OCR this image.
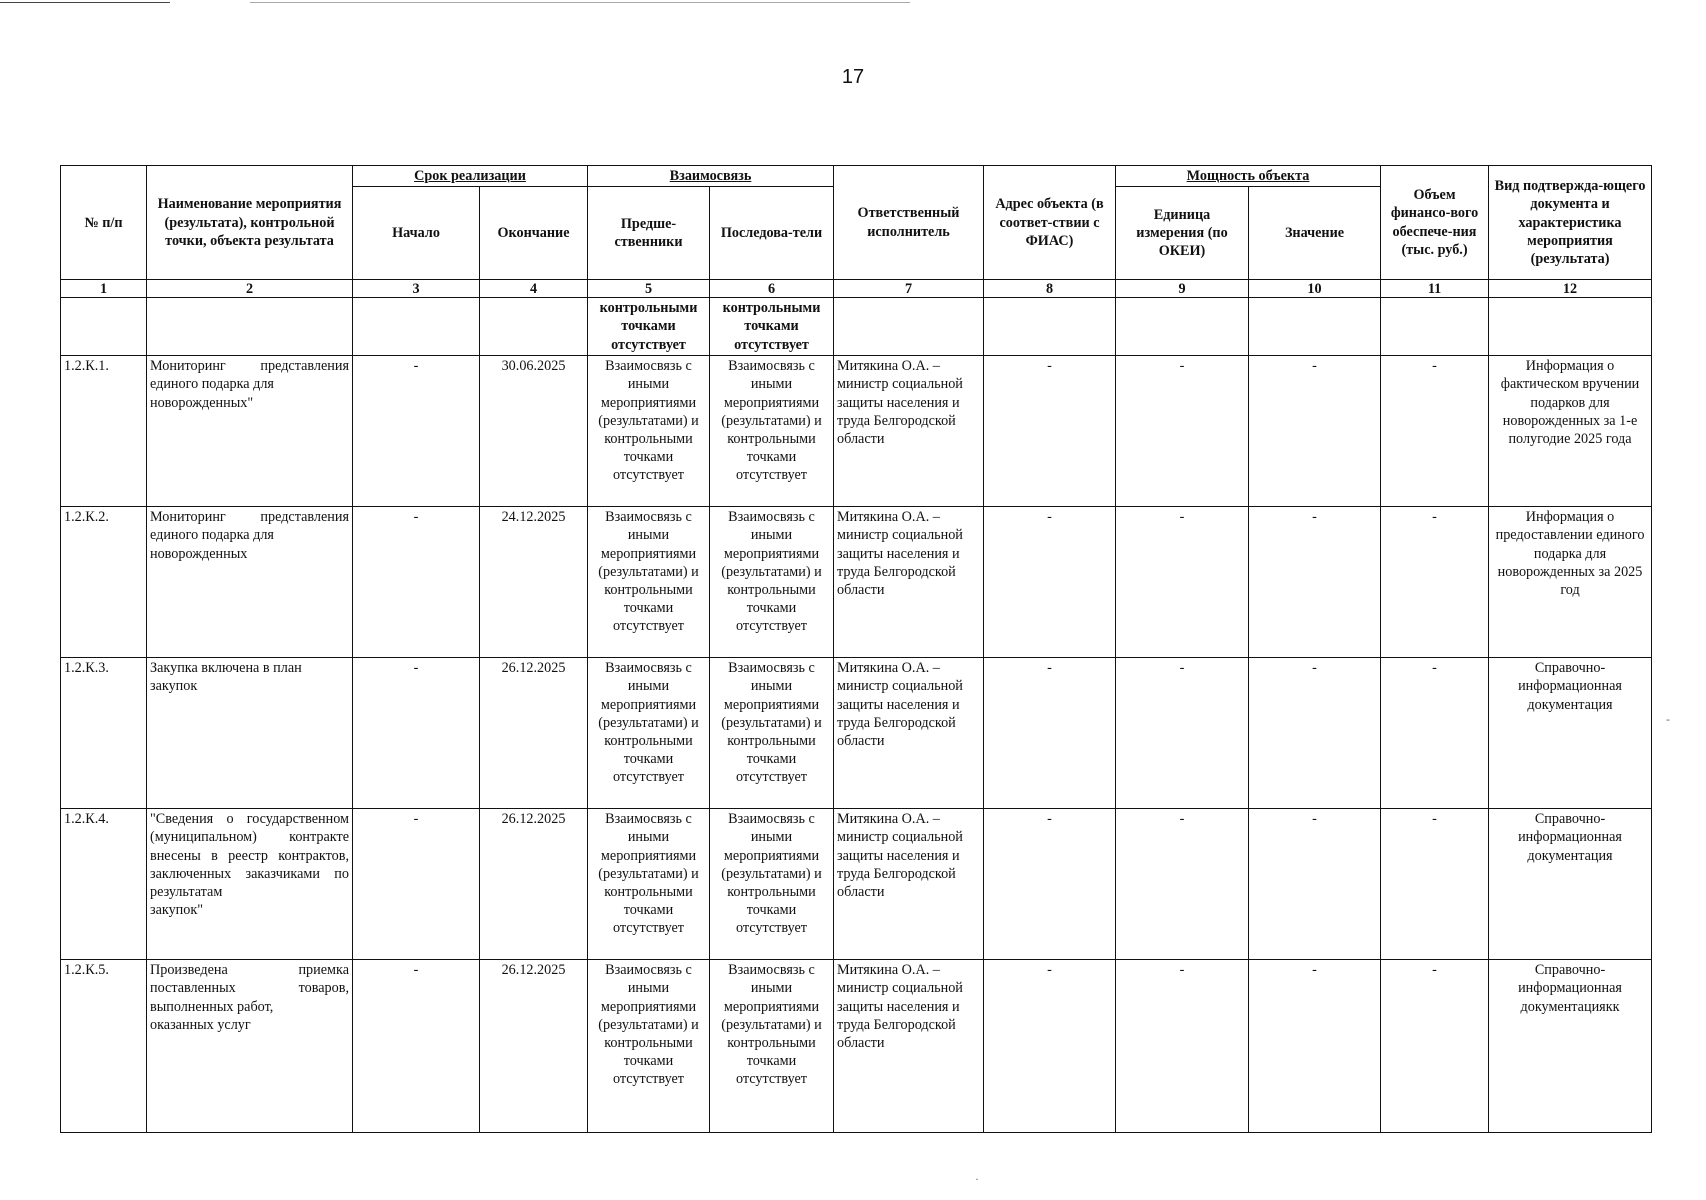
17
№ п/п	Наименование мероприятия (результата), контрольной точки, объекта результата	Срок реализации		Взаимосвязь		Ответственный исполнитель	Адрес объекта (в соответ-ствии с ФИАС)	Мощность объекта		Объем финансо-вого обеспече-ния (тыс. руб.)	Вид подтвержда-ющего документа и характеристика мероприятия (результата)
		Начало	Окончание	Предше-ственники	Последова-тели			Единица измерения (по ОКЕИ)	Значение		
1	2	3	4	5	6	7	8	9	10	11	12
				контрольными точками отсутствует	контрольными точками отсутствует						
1.2.К.1.	Мониторинг представления единого подарка для
новорожденных"	-	30.06.2025	Взаимосвязь с иными мероприятиями (результатами) и контрольными точками отсутствует	Взаимосвязь с иными мероприятиями (результатами) и контрольными точками отсутствует	Митякина О.А. – министр социальной защиты населения и труда Белгородской области	-	-	-	-	Информация о фактическом вручении подарков для новорожденных за 1-е полугодие 2025 года
1.2.К.2.	Мониторинг представления единого подарка для
новорожденных	-	24.12.2025	Взаимосвязь с иными мероприятиями (результатами) и контрольными точками отсутствует	Взаимосвязь с иными мероприятиями (результатами) и контрольными точками отсутствует	Митякина О.А. – министр социальной защиты населения и труда Белгородской области	-	-	-	-	Информация о предоставлении единого подарка для новорожденных за 2025 год
1.2.К.3.	Закупка включена в план
закупок	-	26.12.2025	Взаимосвязь с иными мероприятиями (результатами) и контрольными точками отсутствует	Взаимосвязь с иными мероприятиями (результатами) и контрольными точками отсутствует	Митякина О.А. – министр социальной защиты населения и труда Белгородской области	-	-	-	-	Справочно-информационная документация
1.2.К.4.	"Сведения о государственном (муниципальном) контракте внесены в реестр контрактов, заключенных заказчиками по результатам
закупок"	-	26.12.2025	Взаимосвязь с иными мероприятиями (результатами) и контрольными точками отсутствует	Взаимосвязь с иными мероприятиями (результатами) и контрольными точками отсутствует	Митякина О.А. – министр социальной защиты населения и труда Белгородской области	-	-	-	-	Справочно-информационная документация
1.2.К.5.	Произведена приемка поставленных товаров, выполненных работ,
оказанных услуг	-	26.12.2025	Взаимосвязь с иными мероприятиями (результатами) и контрольными точками отсутствует	Взаимосвязь с иными мероприятиями (результатами) и контрольными точками отсутствует	Митякина О.А. – министр социальной защиты населения и труда Белгородской области	-	-	-	-	Справочно-информационная документациякк
-
·
